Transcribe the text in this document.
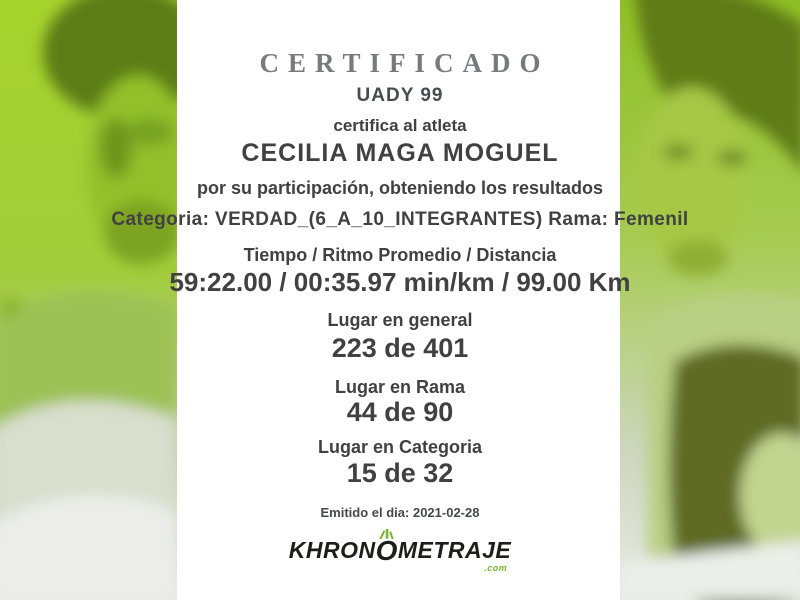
CERTIFICADO
UADY 99
certifica al atleta
CECILIA MAGA MOGUEL
por su participación, obteniendo los resultados
Categoria: VERDAD_(6_A_10_INTEGRANTES) Rama: Femenil
Tiempo / Ritmo Promedio / Distancia
59:22.00 / 00:35.97 min/km / 99.00 Km
Lugar en general
223 de 401
Lugar en Rama
44 de 90
Lugar en Categoria
15 de 32
Emitido el dia: 2021-02-28
KHRON
OMETRAJE
.com
